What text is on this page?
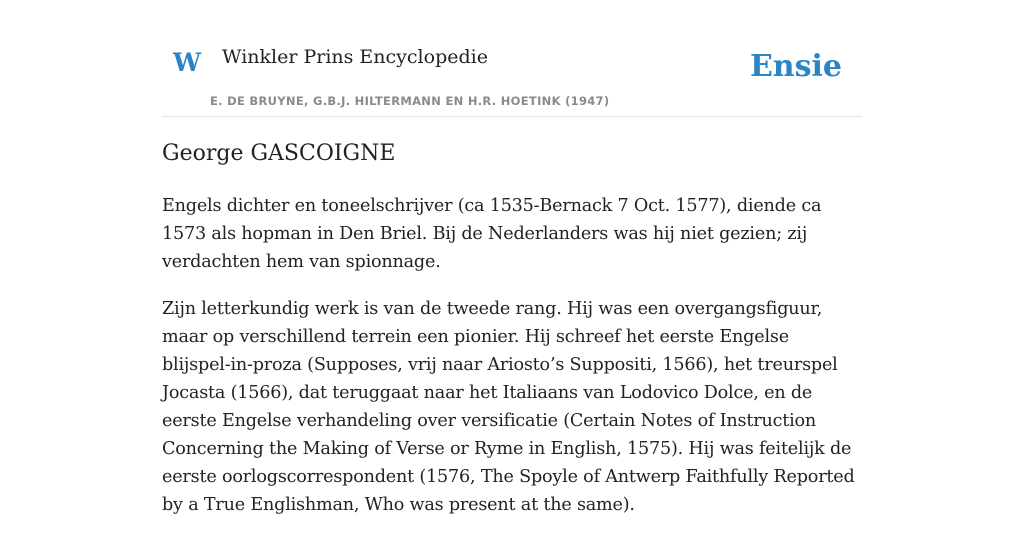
W Winkler Prins Encyclopedie
E. DE BRUYNE, G.B.J. HILTERMANN EN H.R. HOETINK (1947)
Ensie
George GASCOIGNE

Engels dichter en toneelschrijver (ca 1535-Bernack 7 Oct. 1577), diende ca 1573 als hopman in Den Briel. Bij de Nederlanders was hij niet gezien; zij verdachten hem van spionnage.

Zijn letterkundig werk is van de tweede rang. Hij was een overgangsfiguur, maar op verschillend terrein een pionier. Hij schreef het eerste Engelse blijspel-in-proza (Supposes, vrij naar Ariosto’s Suppositi, 1566), het treurspel Jocasta (1566), dat teruggaat naar het Italiaans van Lodovico Dolce, en de eerste Engelse verhandeling over versificatie (Certain Notes of Instruction Concerning the Making of Verse or Ryme in English, 1575). Hij was feitelijk de eerste oorlogscorrespondent (1576, The Spoyle of Antwerp Faithfully Reported by a True Englishman, Who was present at the same).
